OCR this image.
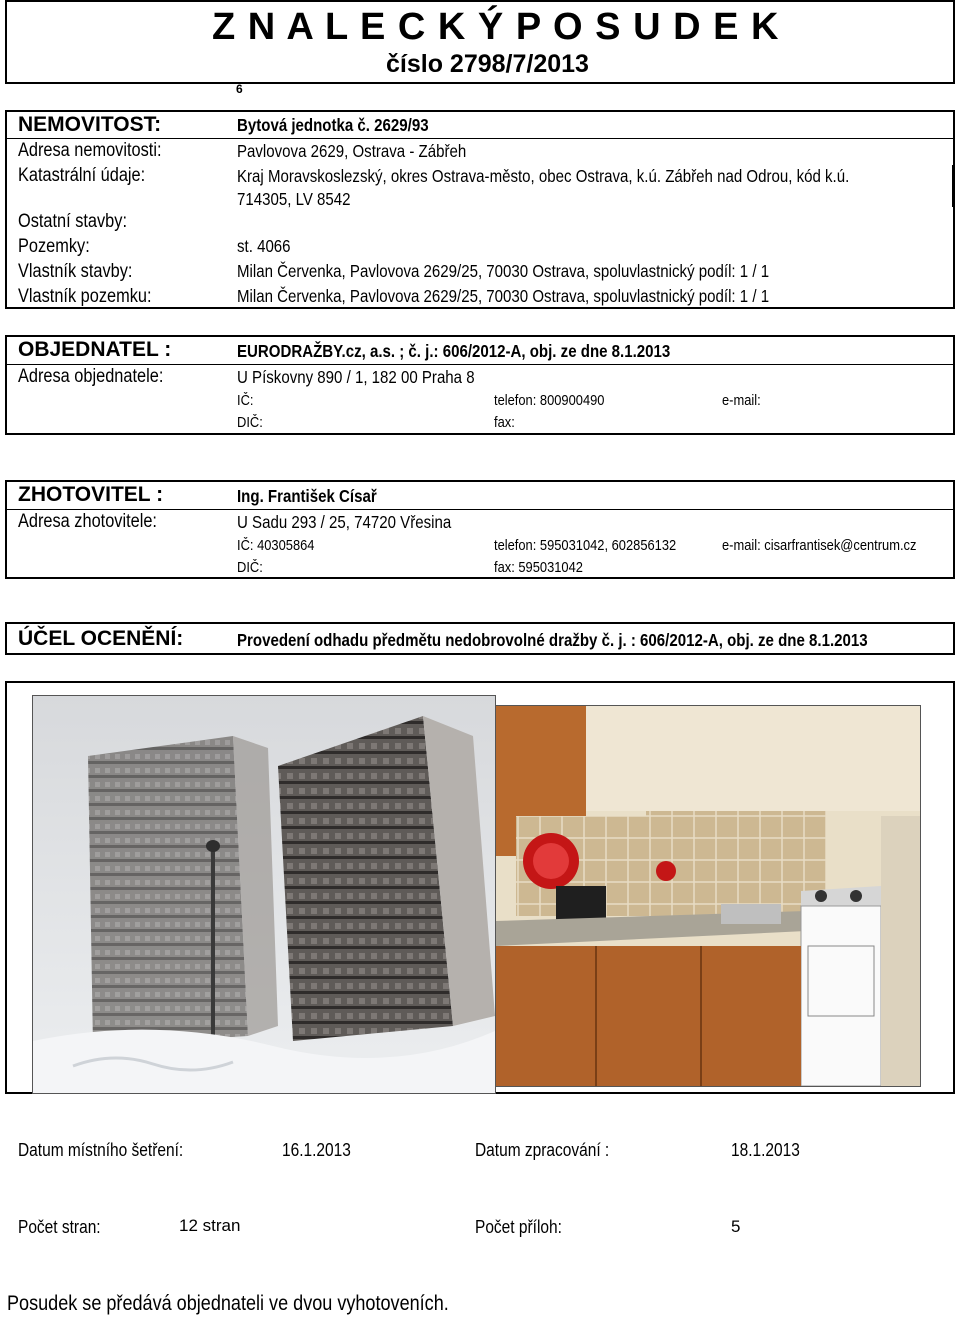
Z N A L E C K Ý P O S U D E K
číslo 2798/7/2013
6
NEMOVITOST:	Bytová jednotka č. 2629/93
Adresa nemovitosti:	Pavlovova 2629, Ostrava - Zábřeh
Katastrální údaje:	Kraj Moravskoslezský, okres Ostrava-město, obec Ostrava, k.ú. Zábřeh nad Odrou, kód k.ú.
714305, LV 8542
Ostatní stavby:
Pozemky:	st. 4066
Vlastník stavby:	Milan Červenka, Pavlovova 2629/25, 70030 Ostrava, spoluvlastnický podíl: 1 / 1
Vlastník pozemku:	Milan Červenka, Pavlovova 2629/25, 70030 Ostrava, spoluvlastnický podíl: 1 / 1
OBJEDNATEL :	EURODRAŽBY.cz, a.s. ; č. j.: 606/2012-A, obj. ze dne 8.1.2013
Adresa objednatele:	U Pískovny 890 / 1, 182 00 Praha 8
IČ:	telefon: 800900490	e-mail:
DIČ:	fax:
ZHOTOVITEL :	Ing. František Císař
Adresa zhotovitele:	U Sadu 293 / 25, 74720 Vřesina
IČ: 40305864	telefon: 595031042, 602856132	e-mail: cisarfrantisek@centrum.cz
DIČ:	fax: 595031042
ÚČEL OCENĚNÍ:	Provedení odhadu předmětu nedobrovolné dražby č. j. : 606/2012-A, obj. ze dne 8.1.2013
Datum místního šetření:	16.1.2013	Datum zpracování :	18.1.2013
Počet stran:	12 stran	Počet příloh:	5
Posudek se předává objednateli ve dvou vyhotoveních.
